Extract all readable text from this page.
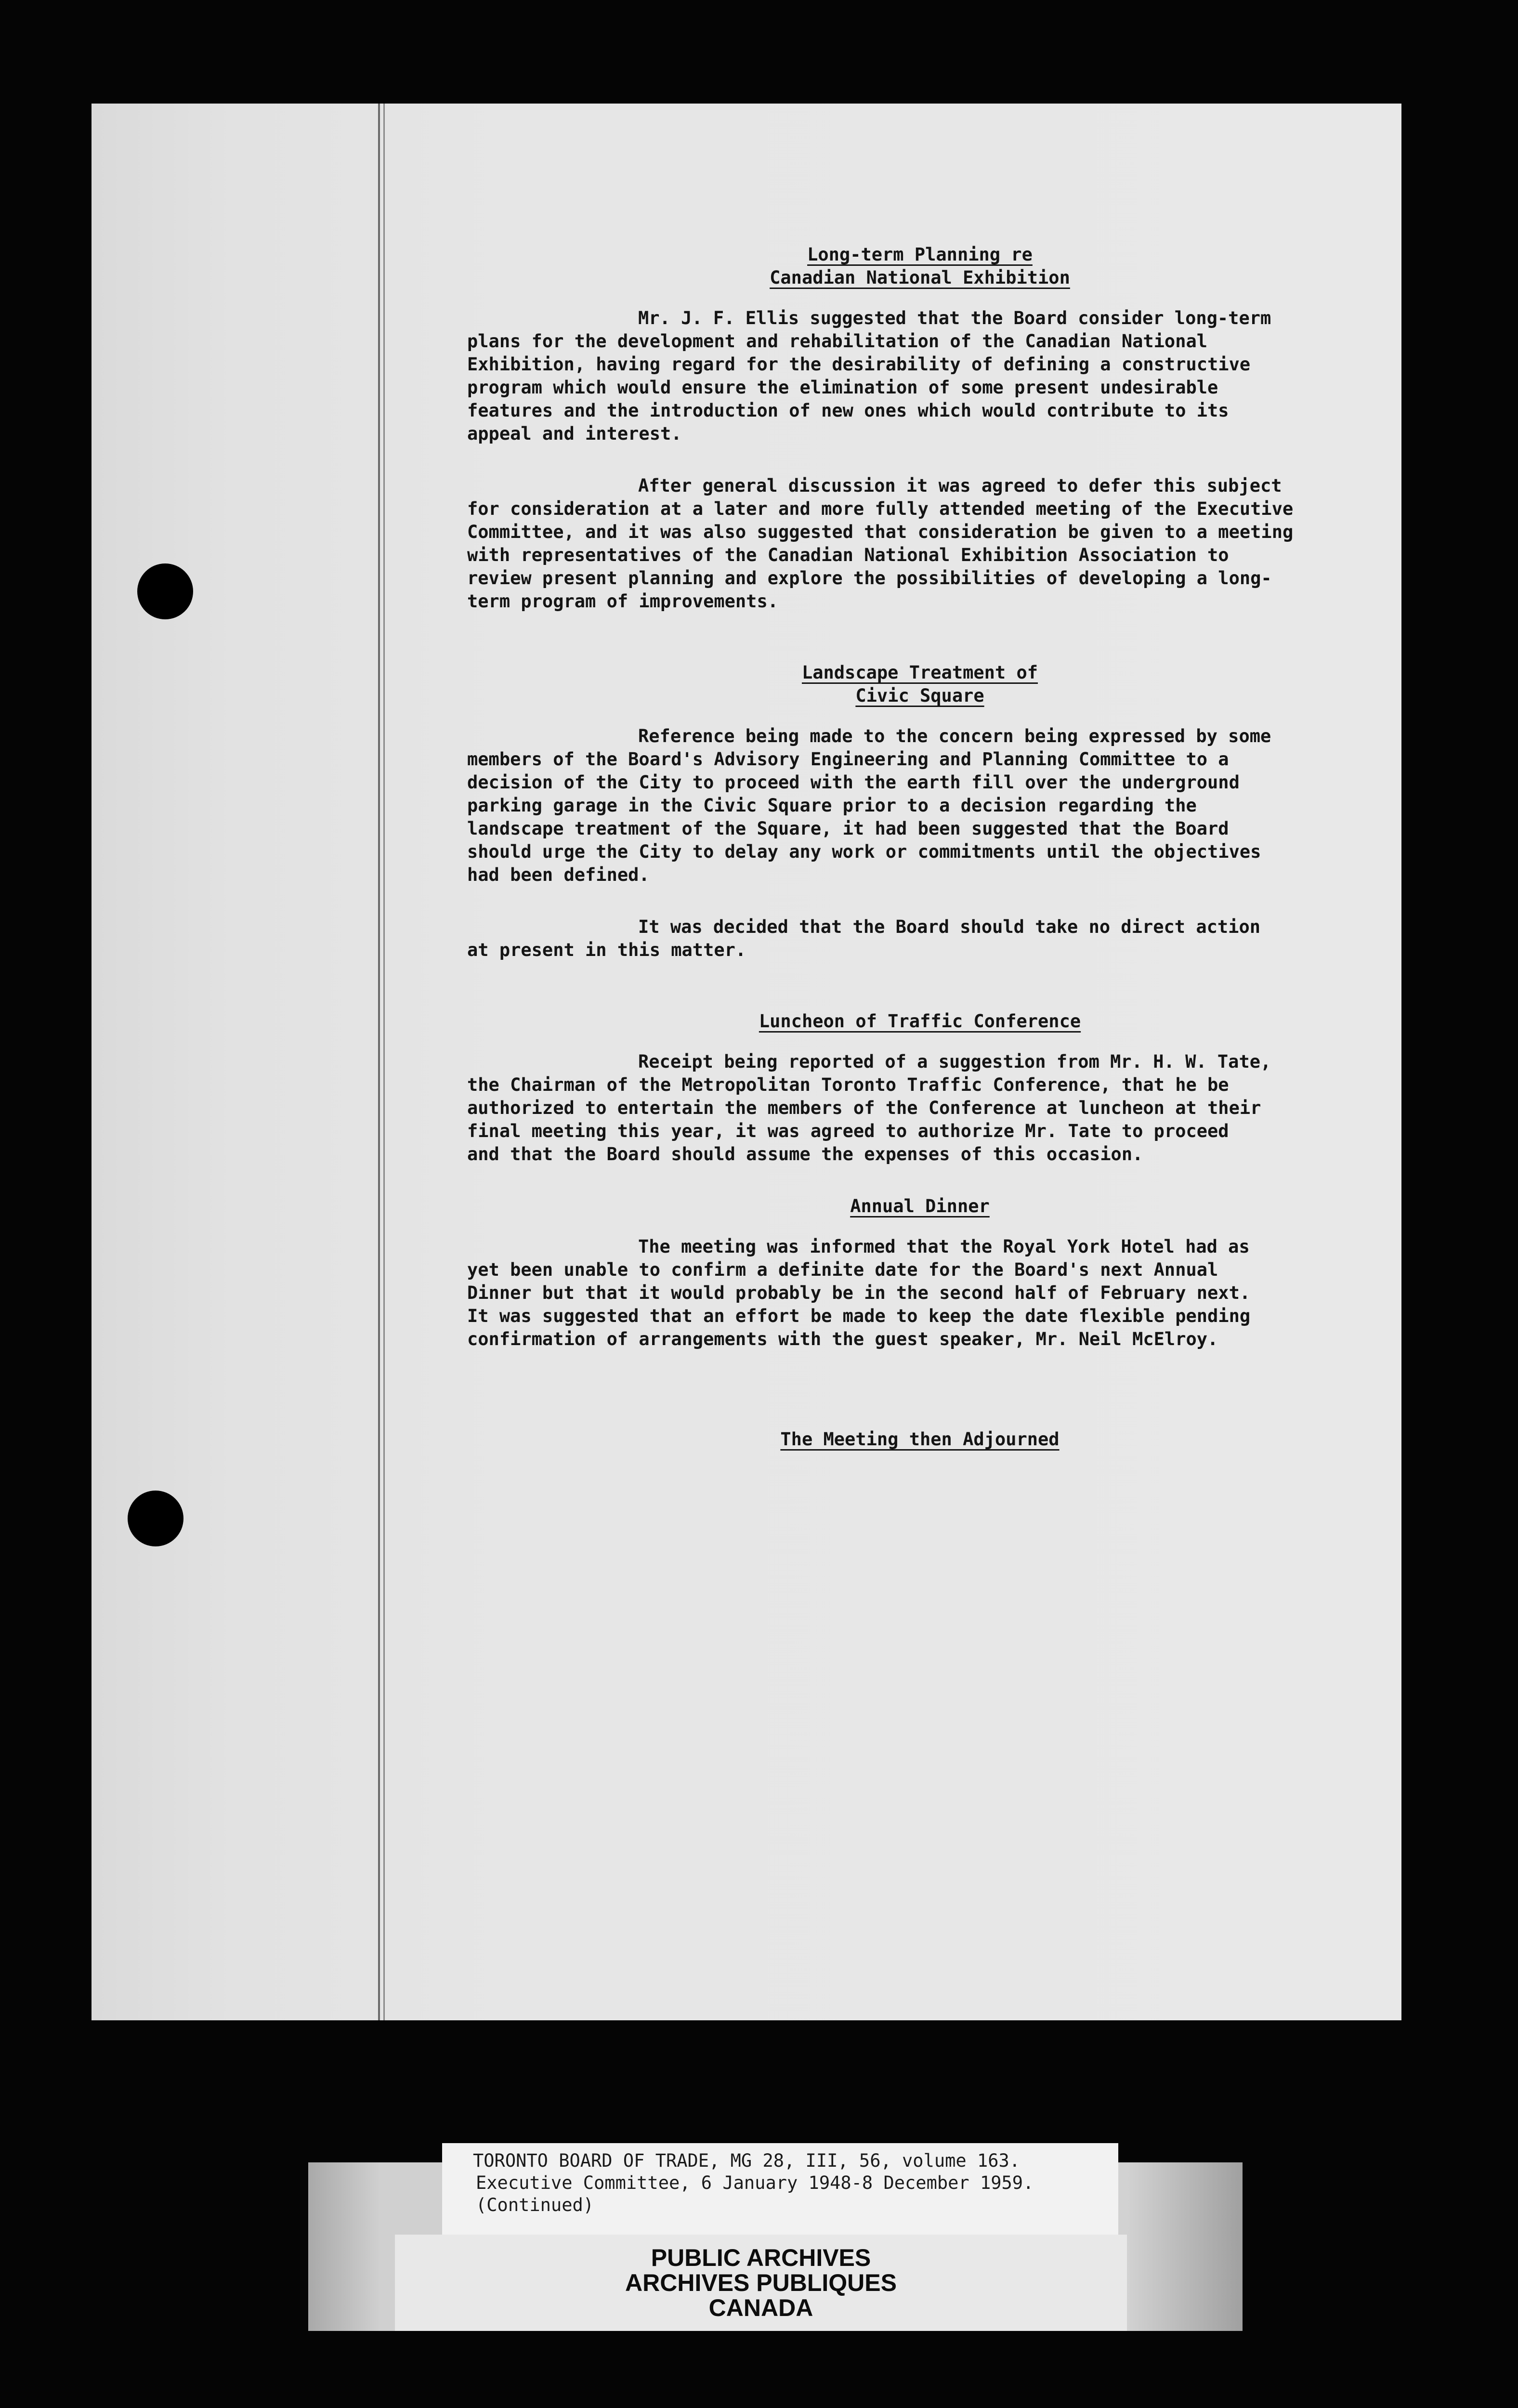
Long-term Planning re

Canadian National Exhibition

Mr. J. F. Ellis suggested that the Board consider long-term

plans for the development and rehabilitation of the Canadian National

Exhibition, having regard for the desirability of defining a constructive

program which would ensure the elimination of some present undesirable

features and the introduction of new ones which would contribute to its

appeal and interest.

After general discussion it was agreed to defer this subject

for consideration at a later and more fully attended meeting of the Executive

Committee, and it was also suggested that consideration be given to a meeting

with representatives of the Canadian National Exhibition Association to

review present planning and explore the possibilities of developing a long-

term program of improvements.

Landscape Treatment of

Civic Square

Reference being made to the concern being expressed by some

members of the Board's Advisory Engineering and Planning Committee to a

decision of the City to proceed with the earth fill over the underground

parking garage in the Civic Square prior to a decision regarding the

landscape treatment of the Square, it had been suggested that the Board

should urge the City to delay any work or commitments until the objectives

had been defined.

It was decided that the Board should take no direct action

at present in this matter.

Luncheon of Traffic Conference

Receipt being reported of a suggestion from Mr. H. W. Tate,

the Chairman of the Metropolitan Toronto Traffic Conference, that he be

authorized to entertain the members of the Conference at luncheon at their

final meeting this year, it was agreed to authorize Mr. Tate to proceed

and that the Board should assume the expenses of this occasion.

Annual Dinner

The meeting was informed that the Royal York Hotel had as

yet been unable to confirm a definite date for the Board's next Annual

Dinner but that it would probably be in the second half of February next.

It was suggested that an effort be made to keep the date flexible pending

confirmation of arrangements with the guest speaker, Mr. Neil McElroy.

The Meeting then Adjourned

TORONTO BOARD OF TRADE, MG 28, III, 56, volume 163.

Executive Committee, 6 January 1948-8 December 1959.

(Continued)

PUBLIC ARCHIVES

ARCHIVES PUBLIQUES

CANADA
